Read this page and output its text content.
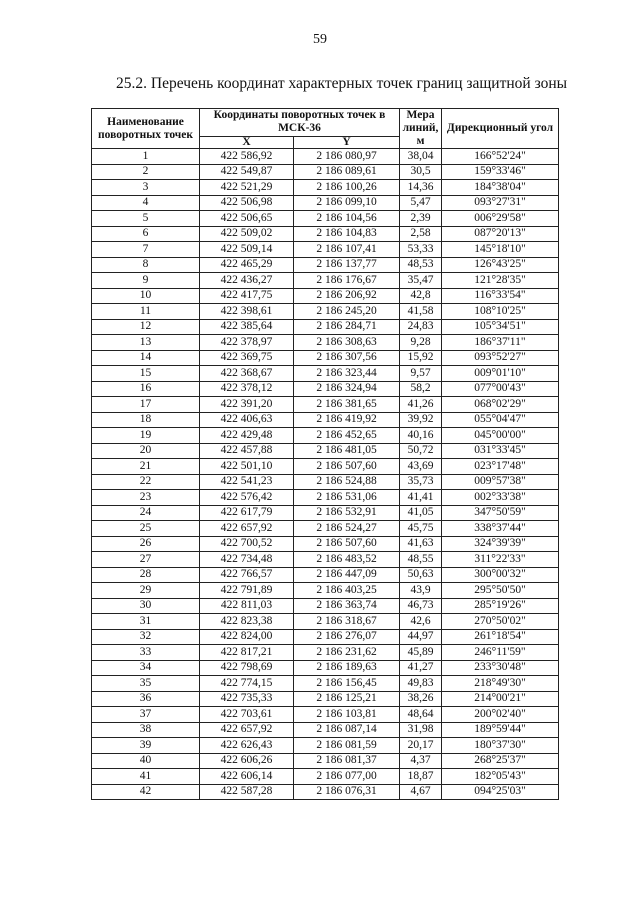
59
25.2. Перечень координат характерных точек границ защитной зоны
Наименование поворотных точек	Координаты поворотных точек в МСК-36		Мера линий, м	Дирекционный угол
	X	Y		
1	422 586,92	2 186 080,97	38,04	166°52'24"
2	422 549,87	2 186 089,61	30,5	159°33'46"
3	422 521,29	2 186 100,26	14,36	184°38'04"
4	422 506,98	2 186 099,10	5,47	093°27'31"
5	422 506,65	2 186 104,56	2,39	006°29'58"
6	422 509,02	2 186 104,83	2,58	087°20'13"
7	422 509,14	2 186 107,41	53,33	145°18'10"
8	422 465,29	2 186 137,77	48,53	126°43'25"
9	422 436,27	2 186 176,67	35,47	121°28'35"
10	422 417,75	2 186 206,92	42,8	116°33'54"
11	422 398,61	2 186 245,20	41,58	108°10'25"
12	422 385,64	2 186 284,71	24,83	105°34'51"
13	422 378,97	2 186 308,63	9,28	186°37'11"
14	422 369,75	2 186 307,56	15,92	093°52'27"
15	422 368,67	2 186 323,44	9,57	009°01'10"
16	422 378,12	2 186 324,94	58,2	077°00'43"
17	422 391,20	2 186 381,65	41,26	068°02'29"
18	422 406,63	2 186 419,92	39,92	055°04'47"
19	422 429,48	2 186 452,65	40,16	045°00'00"
20	422 457,88	2 186 481,05	50,72	031°33'45"
21	422 501,10	2 186 507,60	43,69	023°17'48"
22	422 541,23	2 186 524,88	35,73	009°57'38"
23	422 576,42	2 186 531,06	41,41	002°33'38"
24	422 617,79	2 186 532,91	41,05	347°50'59"
25	422 657,92	2 186 524,27	45,75	338°37'44"
26	422 700,52	2 186 507,60	41,63	324°39'39"
27	422 734,48	2 186 483,52	48,55	311°22'33"
28	422 766,57	2 186 447,09	50,63	300°00'32"
29	422 791,89	2 186 403,25	43,9	295°50'50"
30	422 811,03	2 186 363,74	46,73	285°19'26"
31	422 823,38	2 186 318,67	42,6	270°50'02"
32	422 824,00	2 186 276,07	44,97	261°18'54"
33	422 817,21	2 186 231,62	45,89	246°11'59"
34	422 798,69	2 186 189,63	41,27	233°30'48"
35	422 774,15	2 186 156,45	49,83	218°49'30"
36	422 735,33	2 186 125,21	38,26	214°00'21"
37	422 703,61	2 186 103,81	48,64	200°02'40"
38	422 657,92	2 186 087,14	31,98	189°59'44"
39	422 626,43	2 186 081,59	20,17	180°37'30"
40	422 606,26	2 186 081,37	4,37	268°25'37"
41	422 606,14	2 186 077,00	18,87	182°05'43"
42	422 587,28	2 186 076,31	4,67	094°25'03"
